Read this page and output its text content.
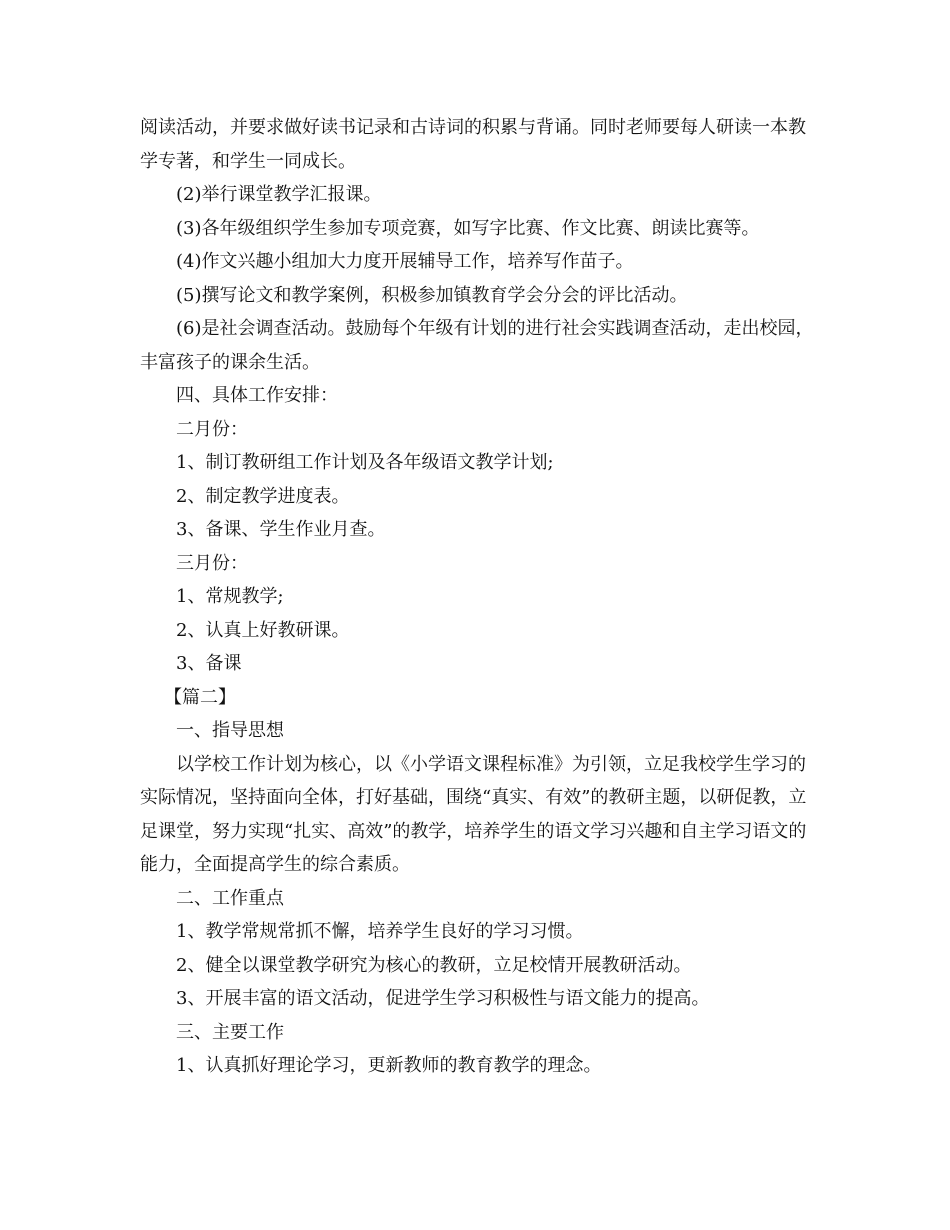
阅读活动，并要求做好读书记录和古诗词的积累与背诵。同时老师要每人研读一本教学专著，和学生一同成长。

(2)举行课堂教学汇报课。

(3)各年级组织学生参加专项竞赛，如写字比赛、作文比赛、朗读比赛等。

(4)作文兴趣小组加大力度开展辅导工作，培养写作苗子。

(5)撰写论文和教学案例，积极参加镇教育学会分会的评比活动。

(6)是社会调查活动。鼓励每个年级有计划的进行社会实践调查活动，走出校园，丰富孩子的课余生活。

四、具体工作安排：

二月份：

1、制订教研组工作计划及各年级语文教学计划;

2、制定教学进度表。

3、备课、学生作业月查。

三月份：

1、常规教学;

2、认真上好教研课。

3、备课

【篇二】

一、指导思想

以学校工作计划为核心，以《小学语文课程标准》为引领，立足我校学生学习的实际情况，坚持面向全体，打好基础，围绕“真实、有效”的教研主题，以研促教，立足课堂，努力实现“扎实、高效”的教学，培养学生的语文学习兴趣和自主学习语文的能力，全面提高学生的综合素质。

二、工作重点

1、教学常规常抓不懈，培养学生良好的学习习惯。

2、健全以课堂教学研究为核心的教研，立足校情开展教研活动。

3、开展丰富的语文活动，促进学生学习积极性与语文能力的提高。

三、主要工作

1、认真抓好理论学习，更新教师的教育教学的理念。
